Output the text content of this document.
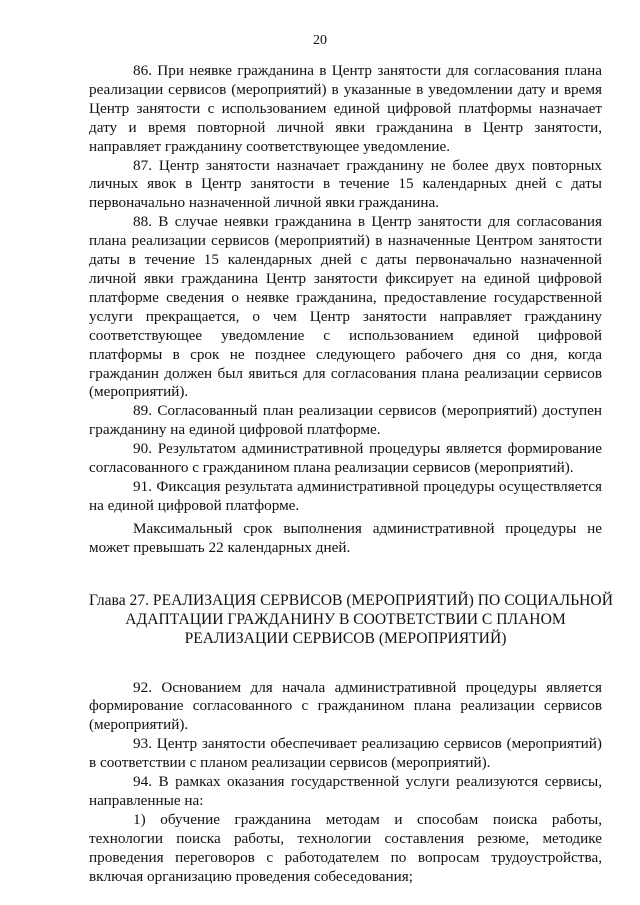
20

86. При неявке гражданина в Центр занятости для согласования плана реализации сервисов (мероприятий) в указанные в уведомлении дату и время Центр занятости с использованием единой цифровой платформы назначает дату и время повторной личной явки гражданина в Центр занятости, направляет гражданину соответствующее уведомление.

87. Центр занятости назначает гражданину не более двух повторных личных явок в Центр занятости в течение 15 календарных дней с даты первоначально назначенной личной явки гражданина.

88. В случае неявки гражданина в Центр занятости для согласования плана реализации сервисов (мероприятий) в назначенные Центром занятости даты в течение 15 календарных дней с даты первоначально назначенной личной явки гражданина Центр занятости фиксирует на единой цифровой платформе сведения о неявке гражданина, предоставление государственной услуги прекращается, о чем Центр занятости направляет гражданину соответствующее уведомление с использованием единой цифровой платформы в срок не позднее следующего рабочего дня со дня, когда гражданин должен был явиться для согласования плана реализации сервисов (мероприятий).

89. Согласованный план реализации сервисов (мероприятий) доступен гражданину на единой цифровой платформе.

90. Результатом административной процедуры является формирование согласованного с гражданином плана реализации сервисов (мероприятий).

91. Фиксация результата административной процедуры осуществляется на единой цифровой платформе.

Максимальный срок выполнения административной процедуры не может превышать 22 календарных дней.

Глава 27. РЕАЛИЗАЦИЯ СЕРВИСОВ (МЕРОПРИЯТИЙ) ПО СОЦИАЛЬНОЙ
АДАПТАЦИИ ГРАЖДАНИНУ В СООТВЕТСТВИИ С ПЛАНОМ
РЕАЛИЗАЦИИ СЕРВИСОВ (МЕРОПРИЯТИЙ)

92. Основанием для начала административной процедуры является формирование согласованного с гражданином плана реализации сервисов (мероприятий).

93. Центр занятости обеспечивает реализацию сервисов (мероприятий) в соответствии с планом реализации сервисов (мероприятий).

94. В рамках оказания государственной услуги реализуются сервисы, направленные на:

1) обучение гражданина методам и способам поиска работы, технологии поиска работы, технологии составления резюме, методике проведения переговоров с работодателем по вопросам трудоустройства, включая организацию проведения собеседования;
